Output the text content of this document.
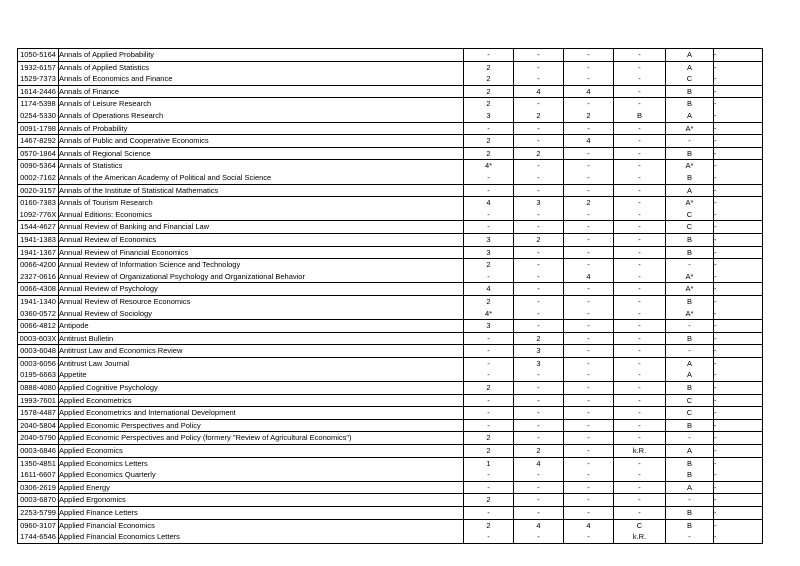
1050-5164	Annals of Applied Probability	-	-	-	-	A	-
1932-6157	Annals of Applied Statistics	2	-	-	-	A	-
1529-7373	Annals of Economics and Finance	2	-	-	-	C	-
1614-2446	Annals of Finance	2	4	4	-	B	-
1174-5398	Annals of Leisure Research	2	-	-	-	B	-
0254-5330	Annals of Operations Research	3	2	2	B	A	-
0091-1798	Annals of Probability	-	-	-	-	A*	-
1467-8292	Annals of Public and Cooperative Economics	2	-	4	-	-	-
0570-1864	Annals of Regional Science	2	2	-	-	B	-
0090-5364	Annals of Statistics	4*	-	-	-	A*	-
0002-7162	Annals of the American Academy of Political and Social Science	-	-	-	-	B	-
0020-3157	Annals of the Institute of Statistical Mathematics	-	-	-	-	A	-
0160-7383	Annals of Tourism Research	4	3	2	-	A*	-
1092-776X	Annual Editions: Economics	-	-	-	-	C	-
1544-4627	Annual Review of Banking and Financial Law	-	-	-	-	C	-
1941-1383	Annual Review of Economics	3	2	-	-	B	-
1941-1367	Annual Review of Financial Economics	3	-	-	-	B	-
0066-4200	Annual Review of Information Science and Technology	2	-	-	-	-	-
2327-0616	Annual Review of Organizational Psychology and Organizational Behavior	-	-	4	-	A*	-
0066-4308	Annual Review of Psychology	4	-	-	-	A*	-
1941-1340	Annual Review of Resource Economics	2	-	-	-	B	-
0360-0572	Annual Review of Sociology	4*	-	-	-	A*	-
0066-4812	Antipode	3	-	-	-	-	-
0003-603X	Antitrust Bulletin	-	2	-	-	B	-
0003-6048	Antitrust Law and Economics Review	-	3	-	-	-	-
0003-6056	Antitrust Law Journal	-	3	-	-	A	-
0195-6663	Appetite	-	-	-	-	A	-
0888-4080	Applied Cognitive Psychology	2	-	-	-	B	-
1993-7601	Applied Econometrics	-	-	-	-	C	-
1578-4487	Applied Econometrics and International Development	-	-	-	-	C	-
2040-5804	Applied Economic Perspectives and Policy	-	-	-	-	B	-
2040-5790	Applied Economic Perspectives and Policy (formery "Review of Agricultural Economics")	2	-	-	-	-	-
0003-6846	Applied Economics	2	2	-	k.R.	A	-
1350-4851	Applied Economics Letters	1	4	-	-	B	-
1611-6607	Applied Economics Quarterly	-	-	-	-	B	-
0306-2619	Applied Energy	-	-	-	-	A	-
0003-6870	Applied Ergonomics	2	-	-	-	-	-
2253-5799	Applied Finance Letters	-	-	-	-	B	-
0960-3107	Applied Financial Economics	2	4	4	C	B	-
1744-6546	Applied Financial Economics Letters	-	-	-	k.R.	-	-
